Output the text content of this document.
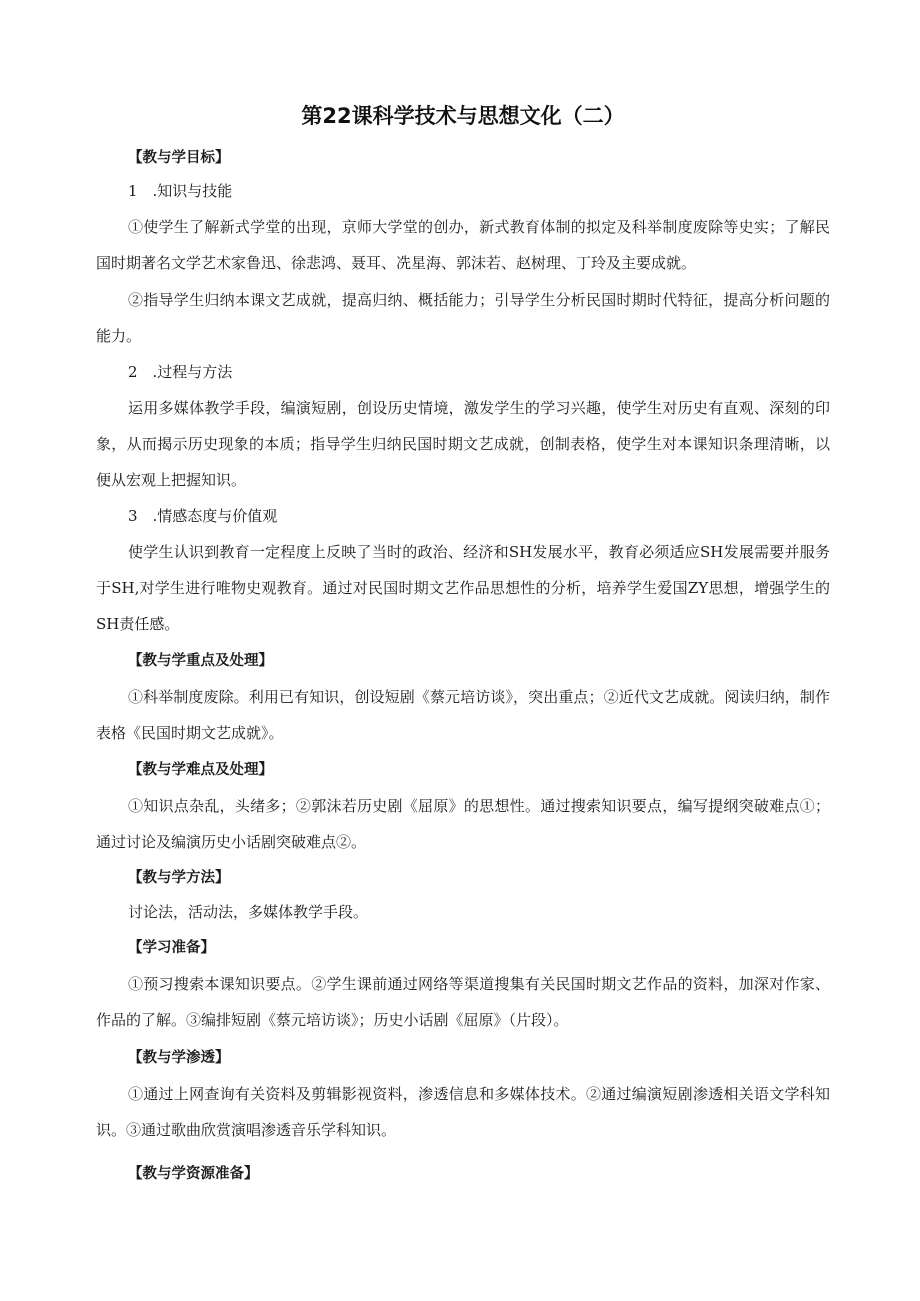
第22课科学技术与思想文化（二）

【教与学目标】

1　.知识与技能

①使学生了解新式学堂的出现，京师大学堂的创办，新式教育体制的拟定及科举制度废除等史实；了解民国时期著名文学艺术家鲁迅、徐悲鸿、聂耳、冼星海、郭沫若、赵树理、丁玲及主要成就。

②指导学生归纳本课文艺成就，提高归纳、概括能力；引导学生分析民国时期时代特征，提高分析问题的能力。

2　.过程与方法

运用多媒体教学手段，编演短剧，创设历史情境，激发学生的学习兴趣，使学生对历史有直观、深刻的印象，从而揭示历史现象的本质；指导学生归纳民国时期文艺成就，创制表格，使学生对本课知识条理清晰，以便从宏观上把握知识。

3　.情感态度与价值观

使学生认识到教育一定程度上反映了当时的政治、经济和SH发展水平，教育必须适应SH发展需要并服务于SH,对学生进行唯物史观教育。通过对民国时期文艺作品思想性的分析，培养学生爱国ZY思想，增强学生的SH责任感。

【教与学重点及处理】

①科举制度废除。利用已有知识，创设短剧《蔡元培访谈》，突出重点；②近代文艺成就。阅读归纳，制作表格《民国时期文艺成就》。

【教与学难点及处理】

①知识点杂乱，头绪多；②郭沫若历史剧《屈原》的思想性。通过搜索知识要点，编写提纲突破难点①；通过讨论及编演历史小话剧突破难点②。

【教与学方法】

讨论法，活动法，多媒体教学手段。

【学习准备】

①预习搜索本课知识要点。②学生课前通过网络等渠道搜集有关民国时期文艺作品的资料，加深对作家、作品的了解。③编排短剧《蔡元培访谈》；历史小话剧《屈原》（片段）。

【教与学渗透】

①通过上网查询有关资料及剪辑影视资料，渗透信息和多媒体技术。②通过编演短剧渗透相关语文学科知识。③通过歌曲欣赏演唱渗透音乐学科知识。

【教与学资源准备】
